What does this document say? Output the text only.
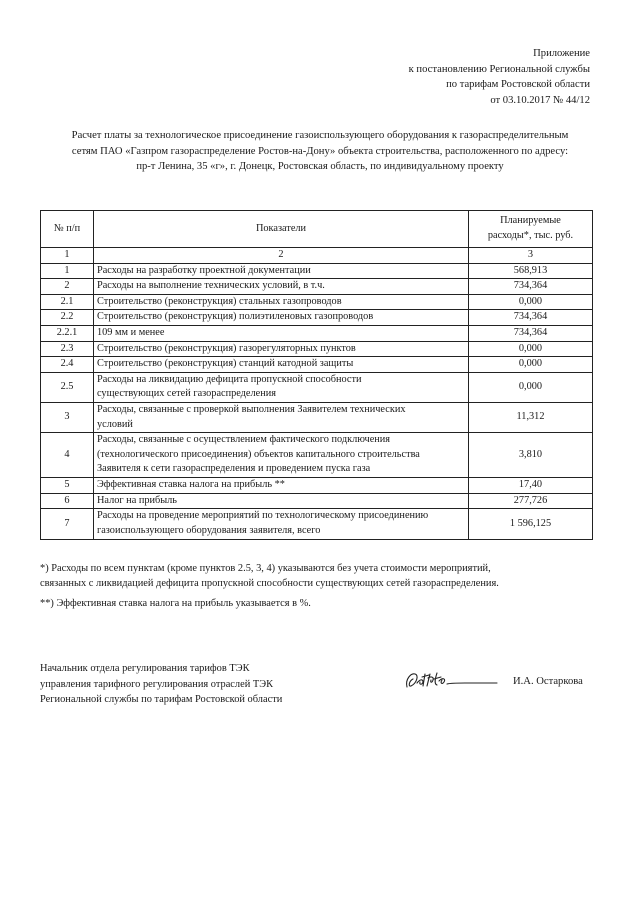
Приложение
к постановлению Региональной службы
по тарифам Ростовской области
от 03.10.2017 № 44/12
Расчет платы за технологическое присоединение газоиспользующего оборудования к газораспределительным
сетям ПАО «Газпром газораспределение Ростов-на-Дону» объекта строительства, расположенного по адресу:
пр-т Ленина, 35 «г», г. Донецк, Ростовская область, по индивидуальному проекту
№ п/п	Показатели	Планируемые
расходы*, тыс. руб.

1	2	3
1	Расходы на разработку проектной документации	568,913
2	Расходы на выполнение технических условий, в т.ч.	734,364
2.1	Строительство (реконструкция) стальных газопроводов	0,000
2.2	Строительство (реконструкция) полиэтиленовых газопроводов	734,364
2.2.1	109 мм и менее	734,364
2.3	Строительство (реконструкция) газорегуляторных пунктов	0,000
2.4	Строительство (реконструкция) станций катодной защиты	0,000
2.5	Расходы на ликвидацию дефицита пропускной способности
существующих сетей газораспределения	0,000
3	Расходы, связанные с проверкой выполнения Заявителем технических
условий	11,312
4	Расходы, связанные с осуществлением фактического подключения
(технологического присоединения) объектов капитального строительства
Заявителя к сети газораспределения и проведением пуска газа	3,810
5	Эффективная ставка налога на прибыль **	17,40
6	Налог на прибыль	277,726
7	Расходы на проведение мероприятий по технологическому присоединению
газоиспользующего оборудования заявителя, всего	1 596,125

*) Расходы по всем пунктам (кроме пунктов 2.5, 3, 4) указываются без учета стоимости мероприятий,

связанных с ликвидацией дефицита пропускной способности существующих сетей газораспределения.

**) Эффективная ставка налога на прибыль указывается в %.

Начальник отдела регулирования тарифов ТЭК
управления тарифного регулирования отраслей ТЭК
Региональной службы по тарифам Ростовской области
И.А. Остаркова
